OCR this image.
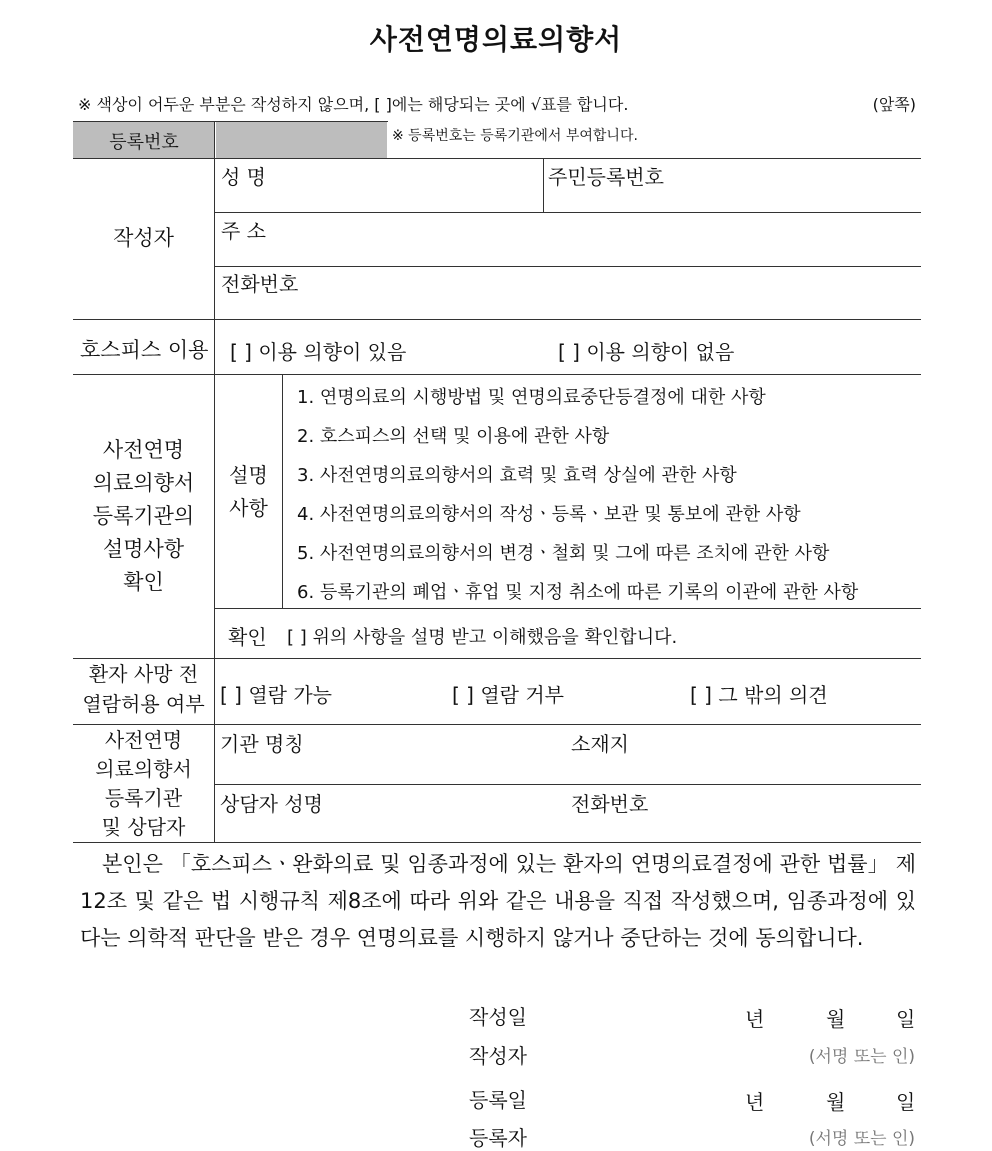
사전연명의료의향서
※ 색상이 어두운 부분은 작성하지 않으며, [ ]에는 해당되는 곳에 √표를 합니다.	(앞쪽)
등록번호	※ 등록번호는 등록기관에서 부여합니다.
작성자
성 명	주민등록번호
주 소
전화번호
호스피스 이용 [ ] 이용 의향이 있음	[ ] 이용 의향이 없음
사전연명
의료의향서
등록기관의
설명사항
확인
설명
사항
1. 연명의료의 시행방법 및 연명의료중단등결정에 대한 사항
2. 호스피스의 선택 및 이용에 관한 사항
3. 사전연명의료의향서의 효력 및 효력 상실에 관한 사항
4. 사전연명의료의향서의 작성ㆍ등록ㆍ보관 및 통보에 관한 사항
5. 사전연명의료의향서의 변경ㆍ철회 및 그에 따른 조치에 관한 사항
6. 등록기관의 폐업ㆍ휴업 및 지정 취소에 따른 기록의 이관에 관한 사항
확인 [ ] 위의 사항을 설명 받고 이해했음을 확인합니다.
환자 사망 전
열람허용 여부 [ ] 열람 가능	[ ] 열람 거부	[ ] 그 밖의 의견
사전연명
의료의향서
등록기관
및 상담자
기관 명칭	소재지
상담자 성명	전화번호
본인은 「호스피스ㆍ완화의료 및 임종과정에 있는 환자의 연명의료결정에 관한 법률」 제12조 및 같은 법 시행규칙 제8조에 따라 위와 같은 내용을 직접 작성했으며, 임종과정에 있다는 의학적 판단을 받은 경우 연명의료를 시행하지 않거나 중단하는 것에 동의합니다.
작성일	년	월	일
작성자	(서명 또는 인)
등록일	년	월	일
등록자	(서명 또는 인)
